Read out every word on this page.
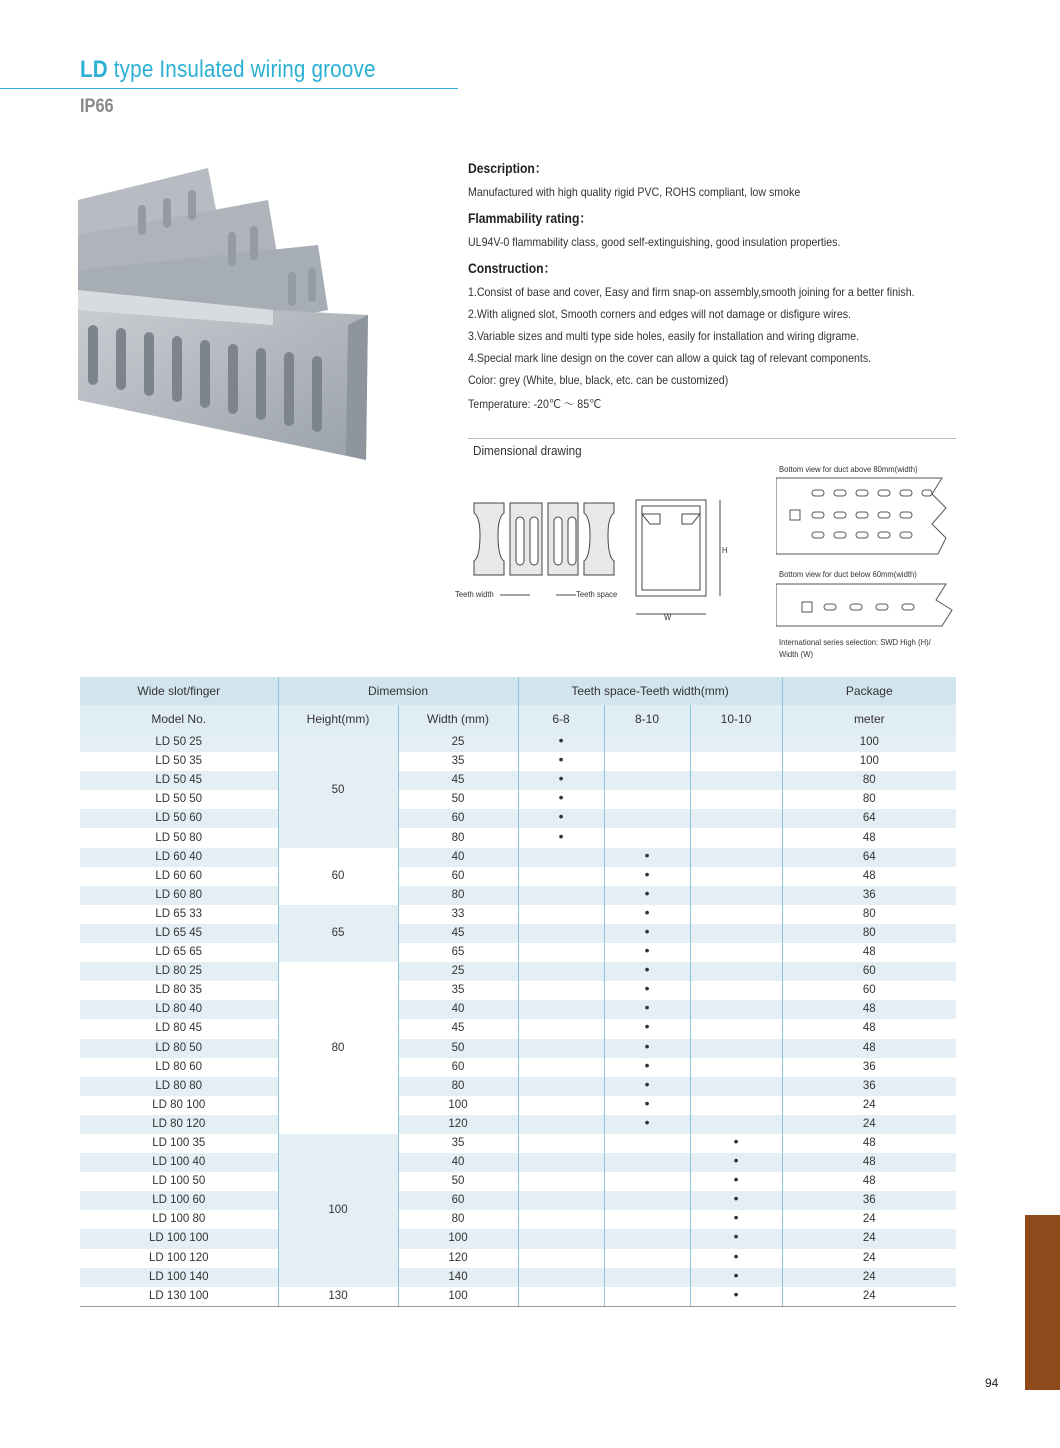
LD type Insulated wiring groove
IP66
Description：
Manufactured with high quality rigid PVC, ROHS compliant, low smoke
Flammability rating：
UL94V-0 flammability class, good self-extinguishing, good insulation properties.
Construction：
1.Consist of base and cover, Easy and firm snap-on assembly,smooth joining for a better finish.
2.With aligned slot, Smooth corners and edges will not damage or disfigure wires.
3.Variable sizes and multi type side holes, easily for installation and wiring digrame.
4.Special mark line design on the cover can allow a quick tag of relevant components.
Color: grey (White, blue, black, etc. can be customized)
Temperature: -20℃ ～ 85℃
Dimensional drawing
Teeth width	Teeth space
H
W
Bottom view for duct above 80mm(width)
Bottom view for duct below 60mm(width)
International series selection: SWD High (H)/
Width (W)
Wide slot/finger	Dimemsion		Teeth space-Teeth width(mm)			Package
Model No.	Height(mm)	Width (mm)	6-8	8-10	10-10	meter
LD 50 25	50	25	•			100
LD 50 35		35	•			100
LD 50 45		45	•			80
LD 50 50		50	•			80
LD 50 60		60	•			64
LD 50 80		80	•			48
LD 60 40	60	40		•		64
LD 60 60		60		•		48
LD 60 80		80		•		36
LD 65 33	65	33		•		80
LD 65 45		45		•		80
LD 65 65		65		•		48
LD 80 25	80	25		•		60
LD 80 35		35		•		60
LD 80 40		40		•		48
LD 80 45		45		•		48
LD 80 50		50		•		48
LD 80 60		60		•		36
LD 80 80		80		•		36
LD 80 100		100		•		24
LD 80 120		120		•		24
LD 100 35	100	35			•	48
LD 100 40		40			•	48
LD 100 50		50			•	48
LD 100 60		60			•	36
LD 100 80		80			•	24
LD 100 100		100			•	24
LD 100 120		120			•	24
LD 100 140		140			•	24
LD 130 100	130	100			•	24
94
